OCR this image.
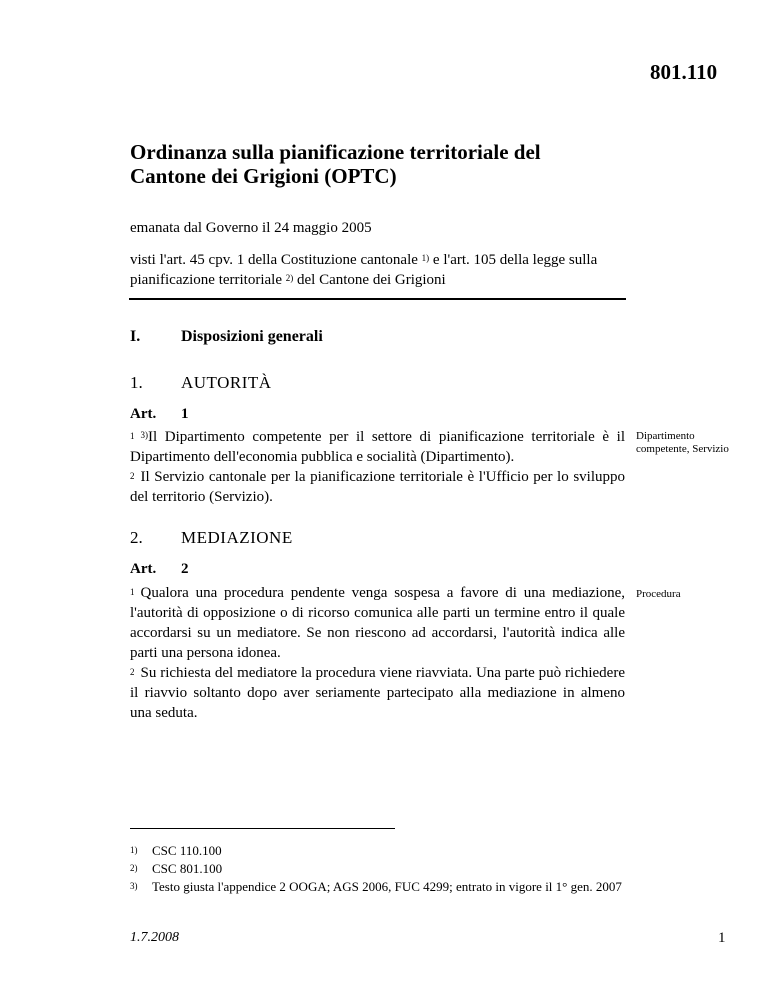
801.110
Ordinanza sulla pianificazione territoriale del
Cantone dei Grigioni (OPTC)
emanata dal Governo il 24 maggio 2005
visti l'art. 45 cpv. 1 della Costituzione cantonale $^{1)}$ e l'art. 105 della legge sulla pianificazione territoriale $^{2)}$ del Cantone dei Grigioni
I.	Disposizioni generali
1. AUTORITÀ
Art. 1
Dipartimento competente, Servizio
$^1$ $^{3)}$Il Dipartimento competente per il settore di pianificazione territoriale è il Dipartimento dell'economia pubblica e socialità (Dipartimento).
$^2$ Il Servizio cantonale per la pianificazione territoriale è l'Ufficio per lo sviluppo del territorio (Servizio).
2. MEDIAZIONE
Art. 2
Procedura
$^1$ Qualora una procedura pendente venga sospesa a favore di una mediazione, l'autorità di opposizione o di ricorso comunica alle parti un termine entro il quale accordarsi su un mediatore. Se non riescono ad accordarsi, l'autorità indica alle parti una persona idonea.
$^2$ Su richiesta del mediatore la procedura viene riavviata. Una parte può richiedere il riavvio soltanto dopo aver seriamente partecipato alla mediazione in almeno una seduta.
1) CSC 110.100
2) CSC 801.100
3) Testo giusta l'appendice 2 OOGA; AGS 2006, FUC 4299; entrato in vigore il 1° gen. 2007
1.7.2008	1
